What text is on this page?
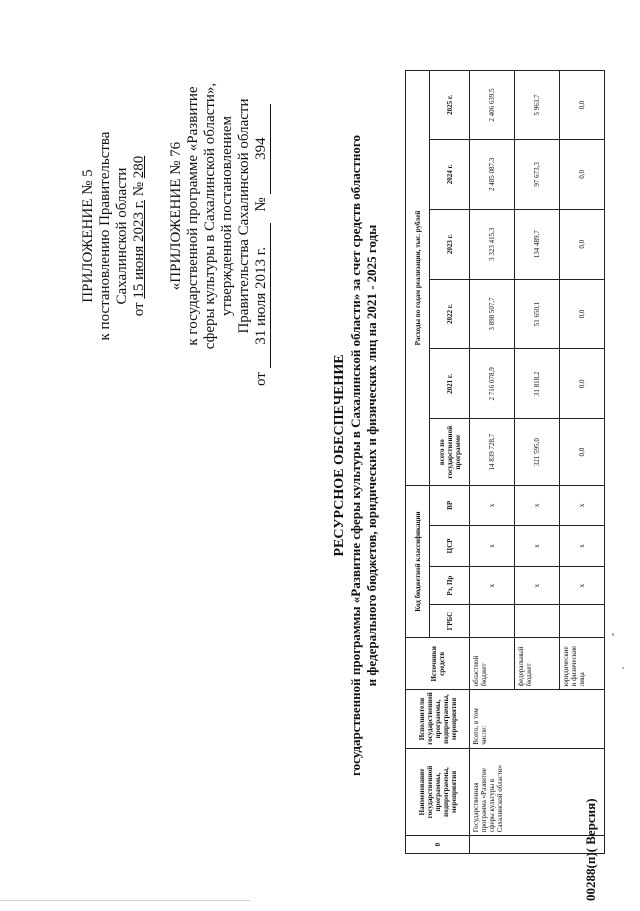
ПРИЛОЖЕНИЕ № 5 к постановлению Правительства Сахалинской области
от 15 июня 2023 г. № 280 «ПРИЛОЖЕНИЕ № 76 к государственной программе «Развитие сферы культуры в Сахалинской области», утвержденной постановлением Правительства Сахалинской области
от 31 июля 2013 г. № 394
РЕСУРСНОЕ ОБЕСПЕЧЕНИЕ государственной программы «Развитие сферы культуры в Сахалинской области» за счет средств областного и федерального бюджетов, юридических и физических лиц на 2021 - 2025 годы
0	Наименование государственной программы, подпрограммы, мероприятия	Исполнители государственной программы, подпрограммы, мероприятия	Источники средств	Код бюджетной классификации				Расходы по годам реализации, тыс. рублей					
				ГРБС	Рз, Пр	ЦСР	ВР	всего по государственной программе	2021 г.	2022 г.	2023 г.	2024 г.	2025 г.
	Государственная программа «Развитие сферы культуры в Сахалинской области»	Всего, в том числе:	областной бюджет		x	x	x	14 839 728,7	2 716 078,9	3 898 507,7	3 323 415,3	2 485 087,3	2 406 639,5
			федеральный бюджет		x	x	x	321 595,0	31 818,2	51 650,1	134 489,7	97 673,3	5 963,7
			юридические и физические лица		x	x	x	0,0	0,0	0,0	0,0	0,0	0,0
00288(п)( Версия)
